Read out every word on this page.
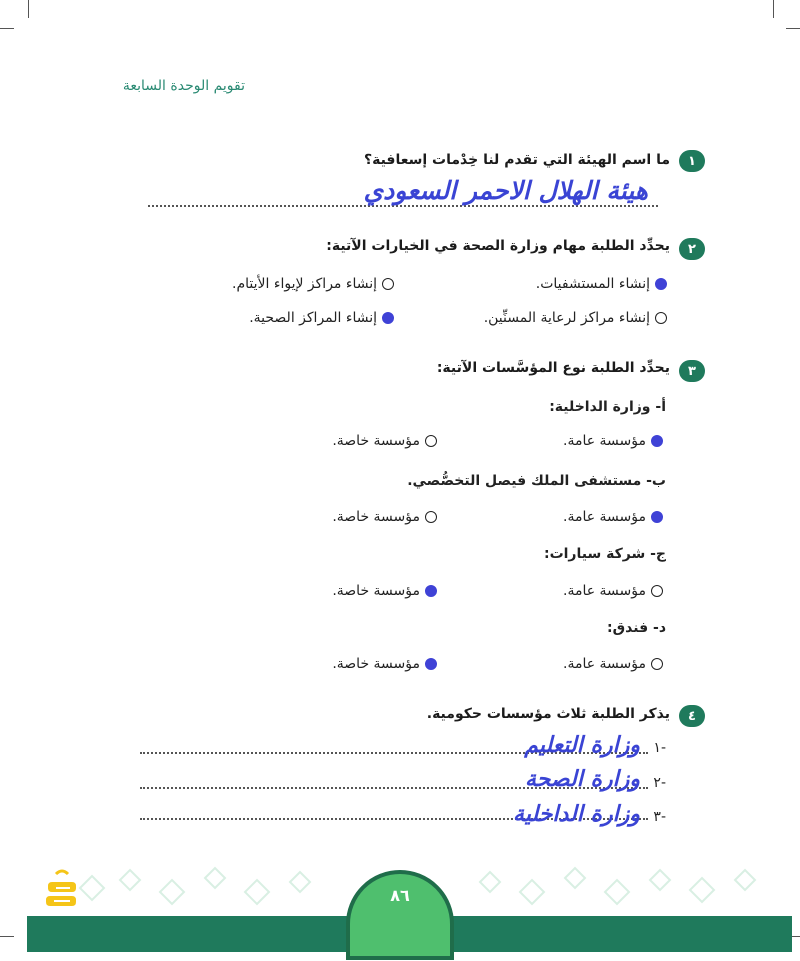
تقويم الوحدة السابعة
١
ما اسم الهيئة التي تقدم لنا خِدْمات إسعافية؟
هيئة الهلال الاحمر السعودي
٢
يحدِّد الطلبة مهام وزارة الصحة في الخيارات الآتية:
إنشاء المستشفيات.
إنشاء مراكز لإيواء الأيتام.
إنشاء مراكز لرعاية المسنِّين.
إنشاء المراكز الصحية.
٣
يحدِّد الطلبة نوع المؤسَّسات الآتية:
أ- وزارة الداخلية:
مؤسسة عامة.
مؤسسة خاصة.
ب- مستشفى الملك فيصل التخصُّصي.
مؤسسة عامة.
مؤسسة خاصة.
ج- شركة سيارات:
مؤسسة عامة.
مؤسسة خاصة.
د- فندق:
مؤسسة عامة.
مؤسسة خاصة.
٤
يذكر الطلبة ثلاث مؤسسات حكومية.
١-
وزارة التعليم
٢-
وزارة الصحة
٣-
وزارة الداخلية
٨٦
